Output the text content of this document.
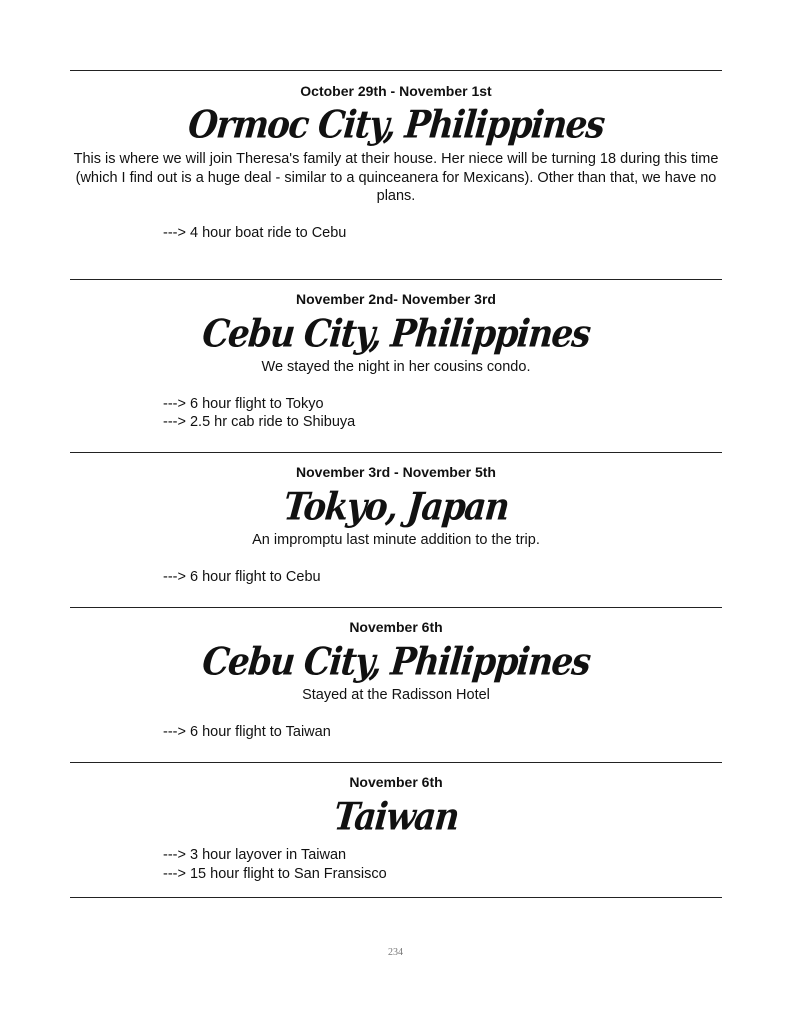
October 29th - November 1st

Ormoc City, Philippines

This is where we will join Theresa's family at their house. Her niece will be turning 18 during this time (which I find out is a huge deal - similar to a quinceanera for Mexicans). Other than that, we have no plans.

---> 4 hour boat ride to Cebu

November 2nd- November 3rd

Cebu City, Philippines

We stayed the night in her cousins condo.

---> 6 hour flight to Tokyo
---> 2.5 hr cab ride to Shibuya

November 3rd - November 5th

Tokyo, Japan

An impromptu last minute addition to the trip.

---> 6 hour flight to Cebu

November 6th

Cebu City, Philippines

Stayed at the Radisson Hotel

---> 6 hour flight to Taiwan

November 6th

Taiwan
---> 3 hour layover in Taiwan
---> 15 hour flight to San Fransisco
234
